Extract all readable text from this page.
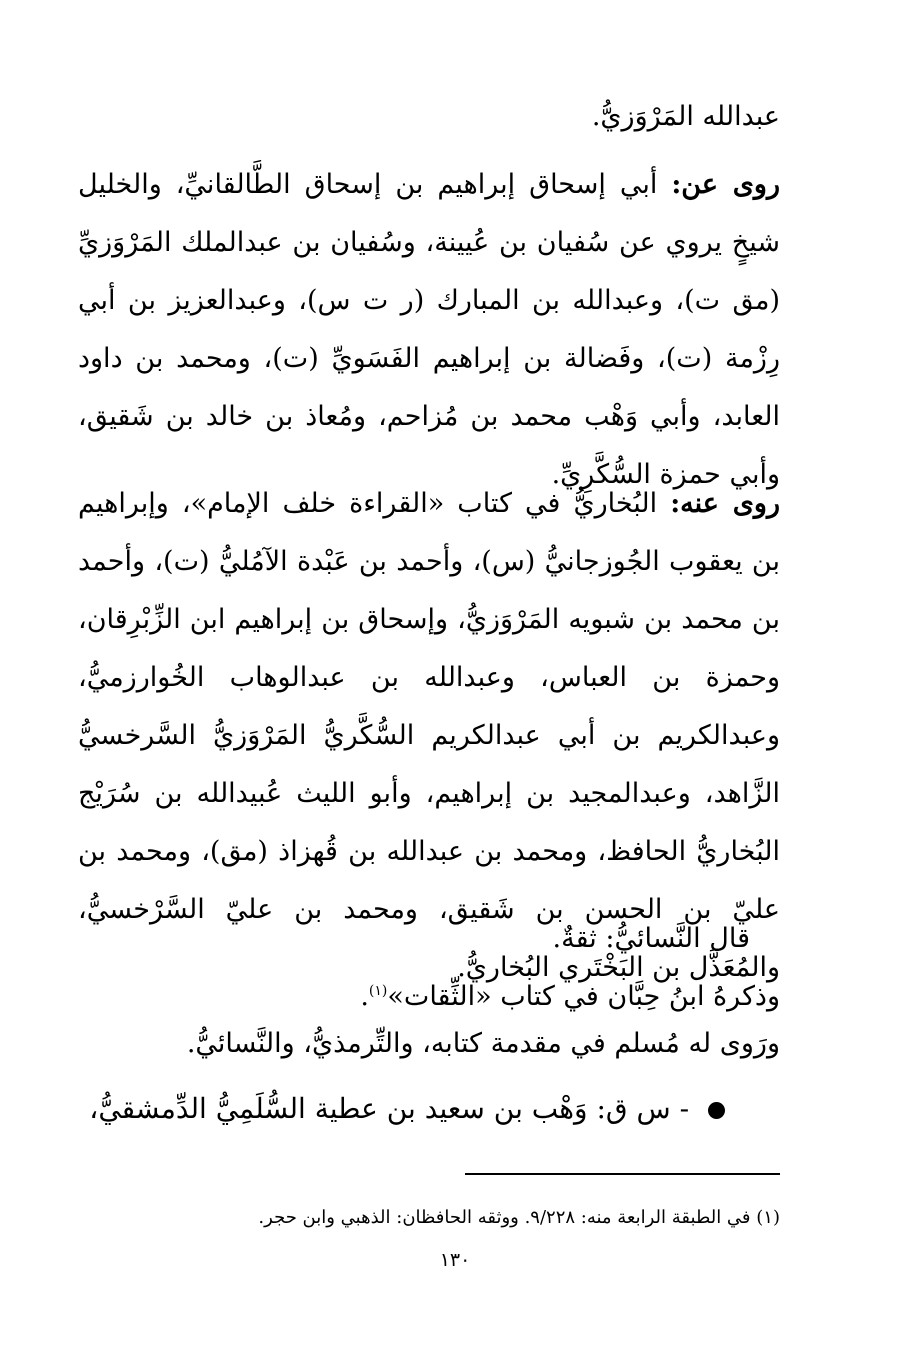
عبدالله المَرْوَزيُّ.
روى عن: أبي إسحاق إبراهيم بن إسحاق الطَّالقانيِّ، والخليل شيخٍ يروي عن سُفيان بن عُيينة، وسُفيان بن عبدالملك المَرْوَزيِّ (مق ت)، وعبدالله بن المبارك (ر ت س)، وعبدالعزيز بن أبي رِزْمة (ت)، وفَضالة بن إبراهيم الفَسَويِّ (ت)، ومحمد بن داود العابد، وأبي وَهْب محمد بن مُزاحم، ومُعاذ بن خالد بن شَقيق، وأبي حمزة السُّكَّرِيِّ.
روى عنه: البُخاريُّ في كتاب «القراءة خلف الإمام»، وإبراهيم بن يعقوب الجُوزجانيُّ (س)، وأحمد بن عَبْدة الآمُليُّ (ت)، وأحمد بن محمد بن شبويه المَرْوَزيُّ، وإسحاق بن إبراهيم ابن الزِّبْرِقان، وحمزة بن العباس، وعبدالله بن عبدالوهاب الخُوارزميُّ، وعبدالكريم بن أبي عبدالكريم السُّكَّريُّ المَرْوَزيُّ السَّرخسيُّ الزَّاهد، وعبدالمجيد بن إبراهيم، وأبو الليث عُبيدالله بن سُرَيْج البُخاريُّ الحافظ، ومحمد بن عبدالله بن قُهزاذ (مق)، ومحمد بن عليّ بن الحسن بن شَقيق، ومحمد بن عليّ السَّرْخسيُّ، والمُعَذَّل بن البَخْتَري البُخاريُّ.
قال النَّسائيُّ: ثقةٌ.
وذكرهُ ابنُ حِبَّان في كتاب «الثِّقات»$^{(١)}$.
ورَوى له مُسلم في مقدمة كتابه، والتِّرمذيُّ، والنَّسائيُّ.
- س ق: وَهْب بن سعيد بن عطية السُّلَمِيُّ الدِّمشقيُّ،
(١) في الطبقة الرابعة منه: ٩/٢٢٨. ووثقه الحافظان: الذهبي وابن حجر.
١٣٠
